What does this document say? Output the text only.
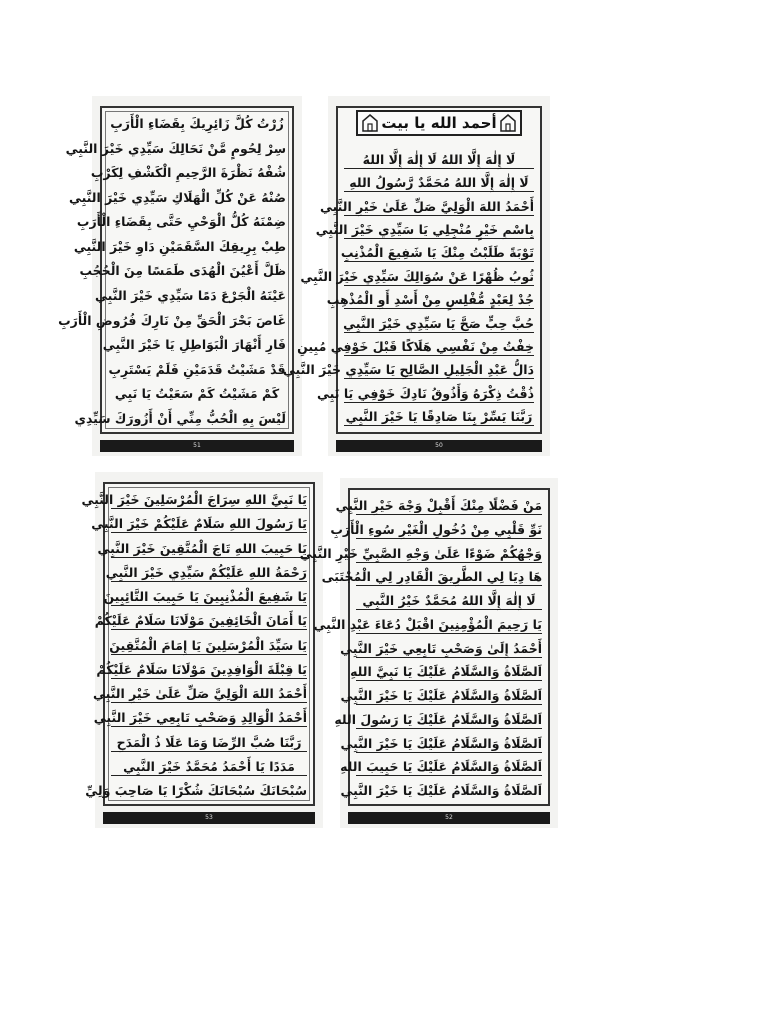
زُرْتُ كُلَّ زَائِرِيكَ بِقَضَاءِ الْأَرَبِ
سِرْ لِحُومٍ مَّنْ نَحَالِكَ سَيِّدِي خَيْرَ النَّبِي
شُفْهُ نَظْرَةَ الرَّحِيمِ الْكَشْفِ لِكَرْبِ
صُنْهُ عَنْ كُلِّ الْهَلَاكِ سَيِّدِي خَيْرَ النَّبِي
ضِمْنَهُ كُلُّ الْوَحْيِ حَتَّى بِقَضَاءِ الْأَرَبِ
طِبْ بِرِيقِكَ السَّقَمَيْنِ دَاوِ خَيْرَ النَّبِي
ظَلَّ أَعْيُنَ الْهُدَى طَمَسًا مِنَ الْحُجُبِ
عَيْنَهُ الْجَرْعَ دَمًا سَيِّدِي خَيْرَ النَّبِي
غَاصَ بَحْرَ الْحَقِّ مِنْ نَارِكَ فُرُوضِ الْأَرَبِ
فَارِ أَنْهَارَ الْبَوَاطِلِ يَا خَيْرَ النَّبِي
قَدْ مَشَيْتُ قَدَمَيْنِ فَلَمْ يَسْتَرِبِ
كَمْ مَشَيْتُ كَمْ سَعَيْتُ يَا نَبِي
لَيْسَ بِهِ الْحُبُّ مِنِّي أَنْ أَزُورَكَ سَيِّدِي
51
أحمد الله يا بيت
لَا إِلٰهَ إِلَّا اللهُ لَا إِلٰهَ إِلَّا اللهُ
لَا إِلٰهَ إِلَّا اللهُ مُحَمَّدٌ رَّسُولُ اللهِ
أَحْمَدُ اللهَ الْوَلِيَّ صَلِّ عَلَىٰ خَيْرِ النَّبِي
بِاسْمِ خَيْرٍ مُنْجِلِي يَا سَيِّدِي خَيْرَ النَّبِي
تَوْبَةً طَلَبْتُ مِنْكَ يَا شَفِيعَ الْمُذْنِبِ
ثُوبُ ظُهْرًا عَنْ سُوَالِكَ سَيِّدِي خَيْرَ النَّبِي
جُدْ لِعَبْدٍ مُّفْلِسٍ مِنْ أَسْدِ أَوِ الْمُذْهِبِ
حُبَّ حِبٍّ صَحَّ يَا سَيِّدِي خَيْرَ النَّبِي
خِفْتُ مِنْ نَفْسِي هَلَاكًا قَبْلَ خَوْفِي مُبِينِ
دَالُّ عَبْدِ الْجَلِيلِ الصَّالِحِ يَا سَيِّدِي خَيْرَ النَّبِي
ذُقْتُ ذِكْرَهُ وَأَذُوقُ نَادِكَ خَوْفِي يَا نَبِي
رَبَّنَا يَسِّرْ بِنَا صَادِقًا يَا خَيْرَ النَّبِي
50
يَا نَبِيَّ اللهِ سِرَاجَ الْمُرْسَلِينَ خَيْرَ النَّبِي
يَا رَسُولَ اللهِ سَلَامٌ عَلَيْكُمْ خَيْرَ النَّبِي
يَا حَبِيبَ اللهِ تَاجَ الْمُتَّقِينَ خَيْرَ النَّبِي
رَحْمَةُ اللهِ عَلَيْكُمْ سَيِّدِي خَيْرَ النَّبِي
يَا شَفِيعَ الْمُذْنِبِينَ يَا حَبِيبَ التَّائِبِينَ
يَا أَمَانَ الْخَائِفِينَ مَوْلَانَا سَلَامٌ عَلَيْكُمْ
يَا سَيِّدَ الْمُرْسَلِينَ يَا إِمَامَ الْمُتَّقِينَ
يَا قِبْلَةَ الْوَافِدِينَ مَوْلَانَا سَلَامٌ عَلَيْكُمْ
أَحْمَدُ اللهَ الْوَلِيَّ صَلِّ عَلَىٰ خَيْرِ النَّبِي
أَحْمَدُ الْوَالِدِ وَصَحْبِ تَابِعِي خَيْرَ النَّبِي
رَبَّنَا صُبَّ الرِّضَا وَمَا عَلَا ذُ الْمَدَحِ
مَدَدًا يَا أَحْمَدُ مُحَمَّدٌ خَيْرَ النَّبِي
سُبْحَانَكَ سُبْحَانَكَ شُكْرًا يَا صَاحِبَ وَلِيِّ
53
مَنْ فَضْلًا مِنْكَ أَقْبِلْ وَجْهَ خَيْرِ النَّبِي
نَوِّ قَلْبِي مِنْ دُخُولِ الْغَيْرِ سُوءِ الْأَرَبِ
وَجْهُكُمْ ضَوْءًا عَلَىٰ وَجْهِ الصَّبِيِّ خَيْرِ النَّبِي
هَا دِيَا لِي الطَّرِيقَ الْقَادِرِ لِي الْمُجْتَبَى
لَا إِلٰهَ إِلَّا اللهُ مُحَمَّدٌ خَيْرُ النَّبِي
يَا رَحِيمَ الْمُؤْمِنِينَ اقْبَلْ دُعَاءَ عَبْدِ النَّبِي
أَحْمَدُ إِلَىٰ وَصَحْبِ تَابِعِي خَيْرَ النَّبِي
اَلصَّلَاةُ وَالسَّلَامُ عَلَيْكَ يَا نَبِيَّ اللهِ
اَلصَّلَاةُ وَالسَّلَامُ عَلَيْكَ يَا خَيْرَ النَّبِي
اَلصَّلَاةُ وَالسَّلَامُ عَلَيْكَ يَا رَسُولَ اللهِ
اَلصَّلَاةُ وَالسَّلَامُ عَلَيْكَ يَا خَيْرَ النَّبِي
اَلصَّلَاةُ وَالسَّلَامُ عَلَيْكَ يَا حَبِيبَ اللهِ
اَلصَّلَاةُ وَالسَّلَامُ عَلَيْكَ يَا خَيْرَ النَّبِي
52
